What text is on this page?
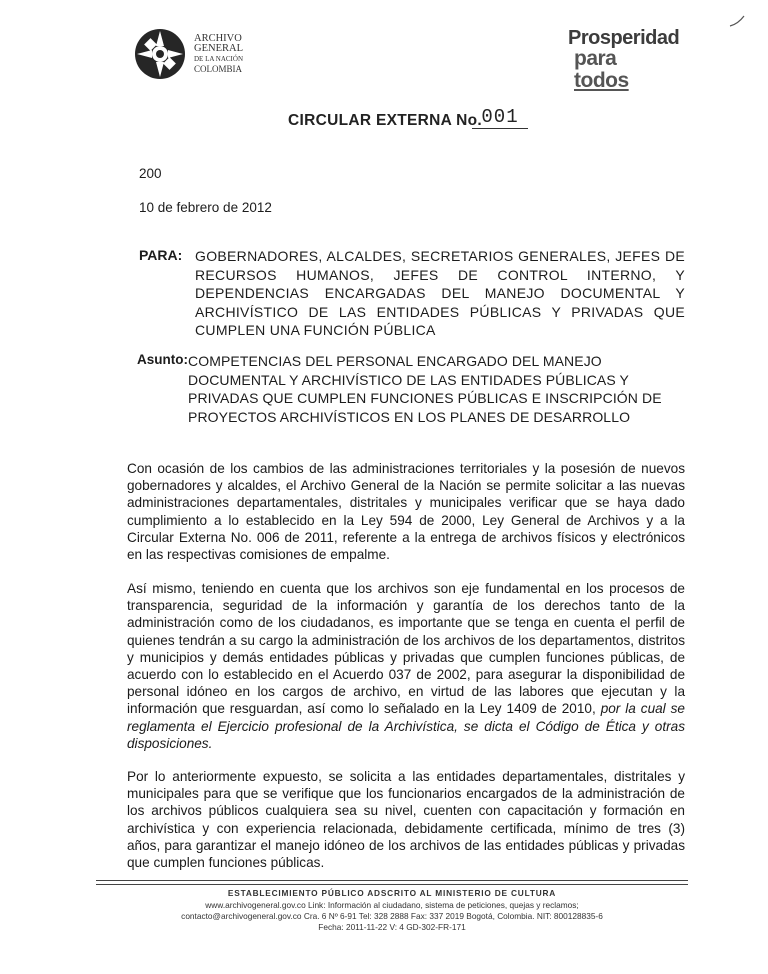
ARCHIVO
GENERAL
DE LA NACIÓN
COLOMBIA
Prosperidad
para todos
CIRCULAR EXTERNA No. 001
200
10 de febrero de 2012
PARA: GOBERNADORES, ALCALDES, SECRETARIOS GENERALES, JEFES DE RECURSOS HUMANOS, JEFES DE CONTROL INTERNO, Y DEPENDENCIAS ENCARGADAS DEL MANEJO DOCUMENTAL Y ARCHIVÍSTICO DE LAS ENTIDADES PÚBLICAS Y PRIVADAS QUE CUMPLEN UNA FUNCIÓN PÚBLICA
Asunto: COMPETENCIAS DEL PERSONAL ENCARGADO DEL MANEJO DOCUMENTAL Y ARCHIVÍSTICO DE LAS ENTIDADES PÚBLICAS Y PRIVADAS QUE CUMPLEN FUNCIONES PÚBLICAS E INSCRIPCIÓN DE PROYECTOS ARCHIVÍSTICOS EN LOS PLANES DE DESARROLLO
Con ocasión de los cambios de las administraciones territoriales y la posesión de nuevos gobernadores y alcaldes, el Archivo General de la Nación se permite solicitar a las nuevas administraciones departamentales, distritales y municipales verificar que se haya dado cumplimiento a lo establecido en la Ley 594 de 2000, Ley General de Archivos y a la Circular Externa No. 006 de 2011, referente a la entrega de archivos físicos y electrónicos en las respectivas comisiones de empalme.
Así mismo, teniendo en cuenta que los archivos son eje fundamental en los procesos de transparencia, seguridad de la información y garantía de los derechos tanto de la administración como de los ciudadanos, es importante que se tenga en cuenta el perfil de quienes tendrán a su cargo la administración de los archivos de los departamentos, distritos y municipios y demás entidades públicas y privadas que cumplen funciones públicas, de acuerdo con lo establecido en el Acuerdo 037 de 2002, para asegurar la disponibilidad de personal idóneo en los cargos de archivo, en virtud de las labores que ejecutan y la información que resguardan, así como lo señalado en la Ley 1409 de 2010, por la cual se reglamenta el Ejercicio profesional de la Archivística, se dicta el Código de Ética y otras disposiciones.
Por lo anteriormente expuesto, se solicita a las entidades departamentales, distritales y municipales para que se verifique que los funcionarios encargados de la administración de los archivos públicos cualquiera sea su nivel, cuenten con capacitación y formación en archivística y con experiencia relacionada, debidamente certificada, mínimo de tres (3) años, para garantizar el manejo idóneo de los archivos de las entidades públicas y privadas que cumplen funciones públicas.
ESTABLECIMIENTO PÚBLICO ADSCRITO AL MINISTERIO DE CULTURA
www.archivogeneral.gov.co Link: Información al ciudadano, sistema de peticiones, quejas y reclamos;
contacto@archivogeneral.gov.co Cra. 6 Nº 6-91 Tel: 328 2888 Fax: 337 2019 Bogotá, Colombia. NIT: 800128835-6
Fecha: 2011-11-22 V: 4 GD-302-FR-171
